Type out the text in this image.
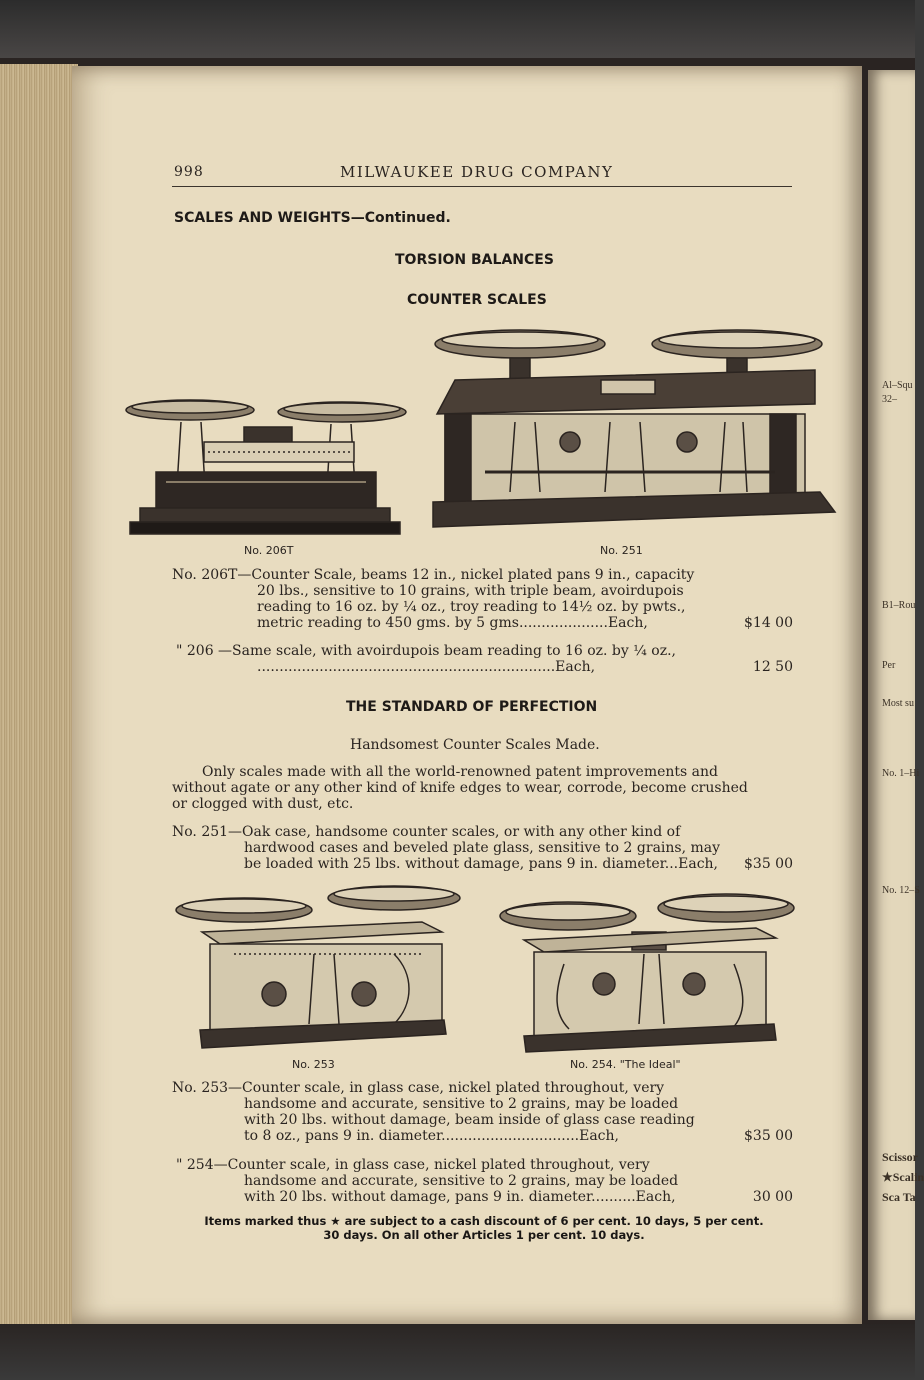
Al–Squ
32–
B1–Rou
Per
Most su
No. 1–Hi
No. 12–S
Scissor
★Scalin
Sca Ta
998	MILWAUKEE DRUG COMPANY
SCALES AND WEIGHTS—Continued.
TORSION BALANCES
COUNTER SCALES
No. 206T	No. 251
No. 206T—Counter Scale, beams 12 in., nickel plated pans 9 in., capacity
20 lbs., sensitive to 10 grains, with triple beam, avoirdupois
reading to 16 oz. by ¼ oz., troy reading to 14½ oz. by pwts.,
metric reading to 450 gms. by 5 gms....................Each,	$14 00
" 206 —Same scale, with avoirdupois beam reading to 16 oz. by ¼ oz.,
...................................................................Each,	12 50
THE STANDARD OF PERFECTION
Handsomest Counter Scales Made.
Only scales made with all the world-renowned patent improvements and
without agate or any other kind of knife edges to wear, corrode, become crushed
or clogged with dust, etc.
No. 251—Oak case, handsome counter scales, or with any other kind of
hardwood cases and beveled plate glass, sensitive to 2 grains, may
be loaded with 25 lbs. without damage, pans 9 in. diameter...Each, $35 00
No. 253	No. 254. "The Ideal"
No. 253—Counter scale, in glass case, nickel plated throughout, very
handsome and accurate, sensitive to 2 grains, may be loaded
with 20 lbs. without damage, beam inside of glass case reading
to 8 oz., pans 9 in. diameter...............................Each,	$35 00
" 254—Counter scale, in glass case, nickel plated throughout, very
handsome and accurate, sensitive to 2 grains, may be loaded
with 20 lbs. without damage, pans 9 in. diameter..........Each,	30 00
Items marked thus ★ are subject to a cash discount of 6 per cent. 10 days, 5 per cent.
30 days. On all other Articles 1 per cent. 10 days.
